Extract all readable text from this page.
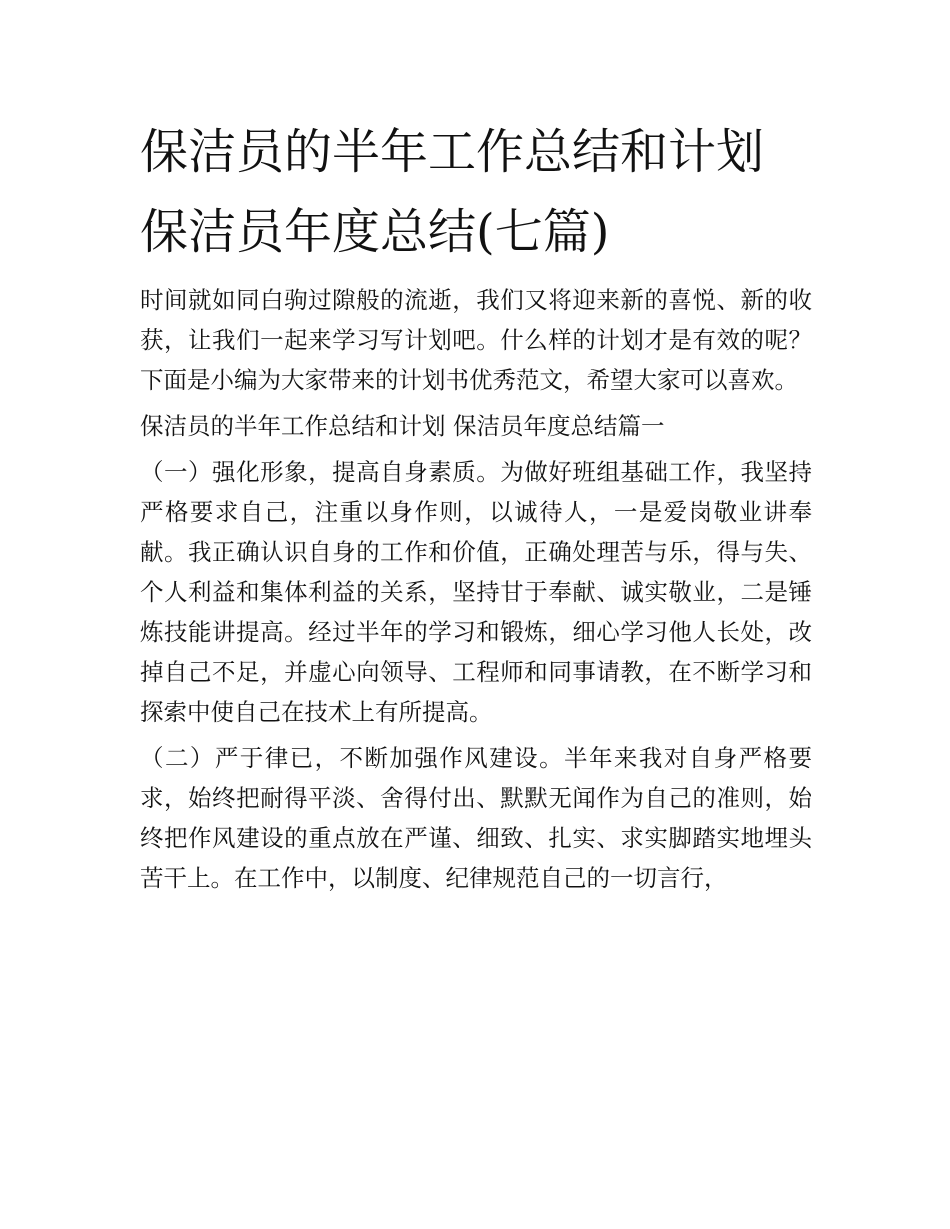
保洁员的半年工作总结和计划
保洁员年度总结(七篇)

时间就如同白驹过隙般的流逝，我们又将迎来新的喜悦、新的收获，让我们一起来学习写计划吧。什么样的计划才是有效的呢？下面是小编为大家带来的计划书优秀范文，希望大家可以喜欢。

保洁员的半年工作总结和计划 保洁员年度总结篇一

（一）强化形象，提高自身素质。为做好班组基础工作，我坚持严格要求自己，注重以身作则，以诚待人，一是爱岗敬业讲奉献。我正确认识自身的工作和价值，正确处理苦与乐，得与失、个人利益和集体利益的关系，坚持甘于奉献、诚实敬业，二是锤炼技能讲提高。经过半年的学习和锻炼，细心学习他人长处，改掉自己不足，并虚心向领导、工程师和同事请教，在不断学习和探索中使自己在技术上有所提高。

（二）严于律已，不断加强作风建设。半年来我对自身严格要求，始终把耐得平淡、舍得付出、默默无闻作为自己的准则，始终把作风建设的重点放在严谨、细致、扎实、求实脚踏实地埋头苦干上。在工作中，以制度、纪律规范自己的一切言行，
